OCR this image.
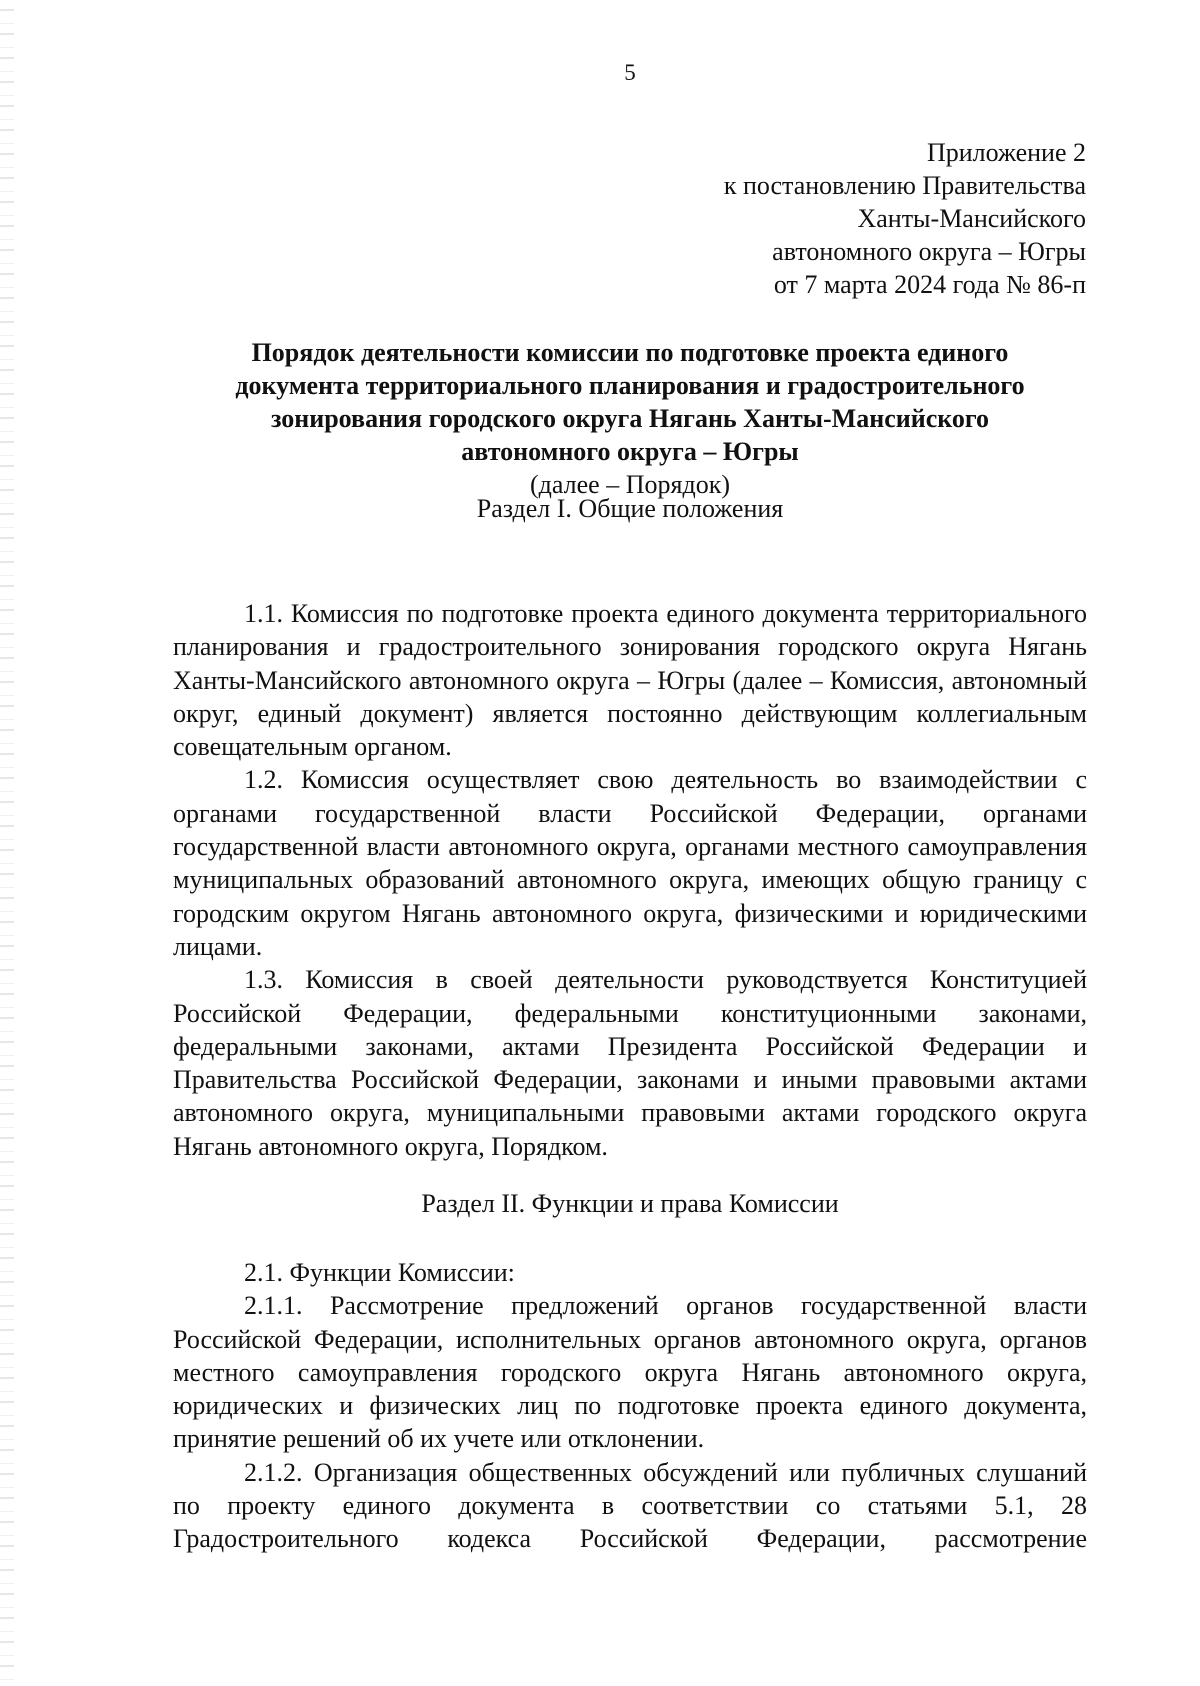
5
Приложение 2
к постановлению Правительства
Ханты-Мансийского
автономного округа – Югры
от 7 марта 2024 года № 86-п
Порядок деятельности комиссии по подготовке проекта единого
документа территориального планирования и градостроительного
зонирования городского округа Нягань Ханты-Мансийского
автономного округа – Югры
(далее – Порядок)
Раздел I. Общие положения

1.1. Комиссия по подготовке проекта единого документа территориального планирования и градостроительного зонирования городского округа Нягань Ханты-Мансийского автономного округа – Югры (далее – Комиссия, автономный округ, единый документ) является постоянно действующим коллегиальным совещательным органом.

1.2. Комиссия осуществляет свою деятельность во взаимодействии с органами государственной власти Российской Федерации, органами государственной власти автономного округа, органами местного самоуправления муниципальных образований автономного округа, имеющих общую границу с городским округом Нягань автономного округа, физическими и юридическими лицами.

1.3. Комиссия в своей деятельности руководствуется Конституцией Российской Федерации, федеральными конституционными законами, федеральными законами, актами Президента Российской Федерации и Правительства Российской Федерации, законами и иными правовыми актами автономного округа, муниципальными правовыми актами городского округа Нягань автономного округа, Порядком.

Раздел II. Функции и права Комиссии

2.1. Функции Комиссии:

2.1.1. Рассмотрение предложений органов государственной власти Российской Федерации, исполнительных органов автономного округа, органов местного самоуправления городского округа Нягань автономного округа, юридических и физических лиц по подготовке проекта единого документа, принятие решений об их учете или отклонении.

2.1.2. Организация общественных обсуждений или публичных слушаний по проекту единого документа в соответствии со статьями 5.1, 28 Градостроительного кодекса Российской Федерации, рассмотрение
